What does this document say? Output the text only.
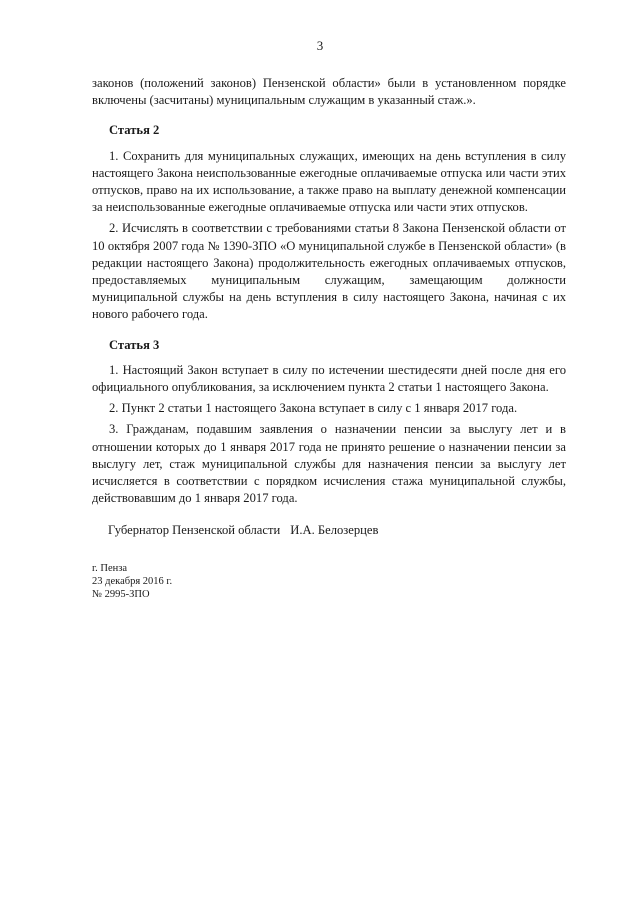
3

законов (положений законов) Пензенской области» были в установленном порядке включены (засчитаны) муниципальным служащим в указанный стаж.».

Статья 2

1. Сохранить для муниципальных служащих, имеющих на день вступления в силу настоящего Закона неиспользованные ежегодные оплачиваемые отпуска или части этих отпусков, право на их использование, а также право на выплату денежной компенсации за неиспользованные ежегодные оплачиваемые отпуска или части этих отпусков.

2. Исчислять в соответствии с требованиями статьи 8 Закона Пензенской области от 10 октября 2007 года № 1390-ЗПО «О муниципальной службе в Пензенской области» (в редакции настоящего Закона) продолжительность ежегодных оплачиваемых отпусков, предоставляемых муниципальным служащим, замещающим должности муниципальной службы на день вступления в силу настоящего Закона, начиная с их нового рабочего года.

Статья 3

1. Настоящий Закон вступает в силу по истечении шестидесяти дней после дня его официального опубликования, за исключением пункта 2 статьи 1 настоящего Закона.

2. Пункт 2 статьи 1 настоящего Закона вступает в силу с 1 января 2017 года.

3. Гражданам, подавшим заявления о назначении пенсии за выслугу лет и в отношении которых до 1 января 2017 года не принято решение о назначении пенсии за выслугу лет, стаж муниципальной службы для назначения пенсии за выслугу лет исчисляется в соответствии с порядком исчисления стажа муниципальной службы, действовавшим до 1 января 2017 года.

Губернатор Пензенской области И.А. Белозерцев
г. Пенза
23 декабря 2016 г.
№ 2995-ЗПО
